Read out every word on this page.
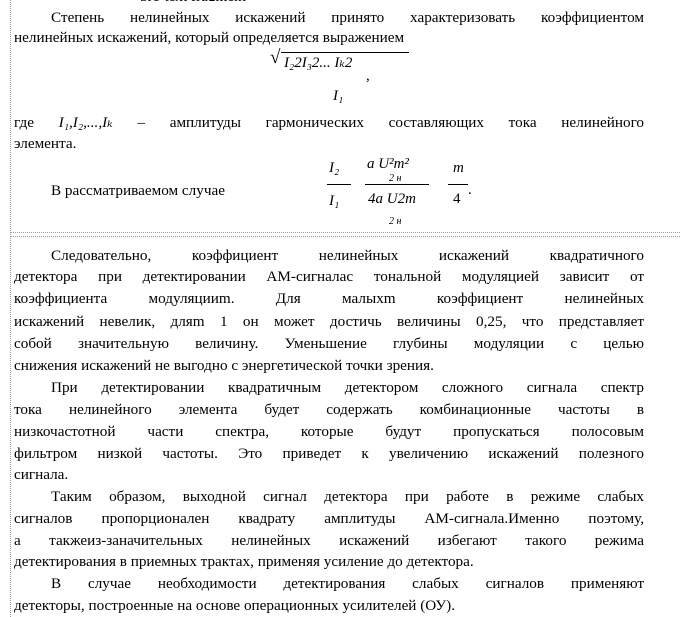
Степень нелинейных искажений принято характеризовать коэффициентом
нелинейных искажений, который определяется выражением
√ I₂2I₃2... Iₖ2
,
I₁
где I₁,I₂,...,Iₖ – амплитуды гармонических составляющих тока нелинейного
элемента.
В рассматриваемом случае
I₂
I₁
a U²m²
2 н
4a U2m
2 н
m
4
.
Следовательно, коэффициент нелинейных искажений квадратичного
детектора при детектировании АМ-сигналас тональной модуляцией зависит от
коэффициента модуляцииm. Для малыхm коэффициент нелинейных
искажений невелик, дляm 1 он может достичь величины 0,25, что представляет
собой значительную величину. Уменьшение глубины модуляции с целью
снижения искажений не выгодно с энергетической точки зрения.
При детектировании квадратичным детектором сложного сигнала спектр
тока нелинейного элемента будет содержать комбинационные частоты в
низкочастотной части спектра, которые будут пропускаться полосовым
фильтром низкой частоты. Это приведет к увеличению искажений полезного
сигнала.
Таким образом, выходной сигнал детектора при работе в режиме слабых
сигналов пропорционален квадрату амплитуды АМ-сигнала.Именно поэтому,
а такжеиз-заначительных нелинейных искажений избегают такого режима
детектирования в приемных трактах, применяя усиление до детектора.
В случае необходимости детектирования слабых сигналов применяют
детекторы, построенные на основе операционных усилителей (ОУ).
